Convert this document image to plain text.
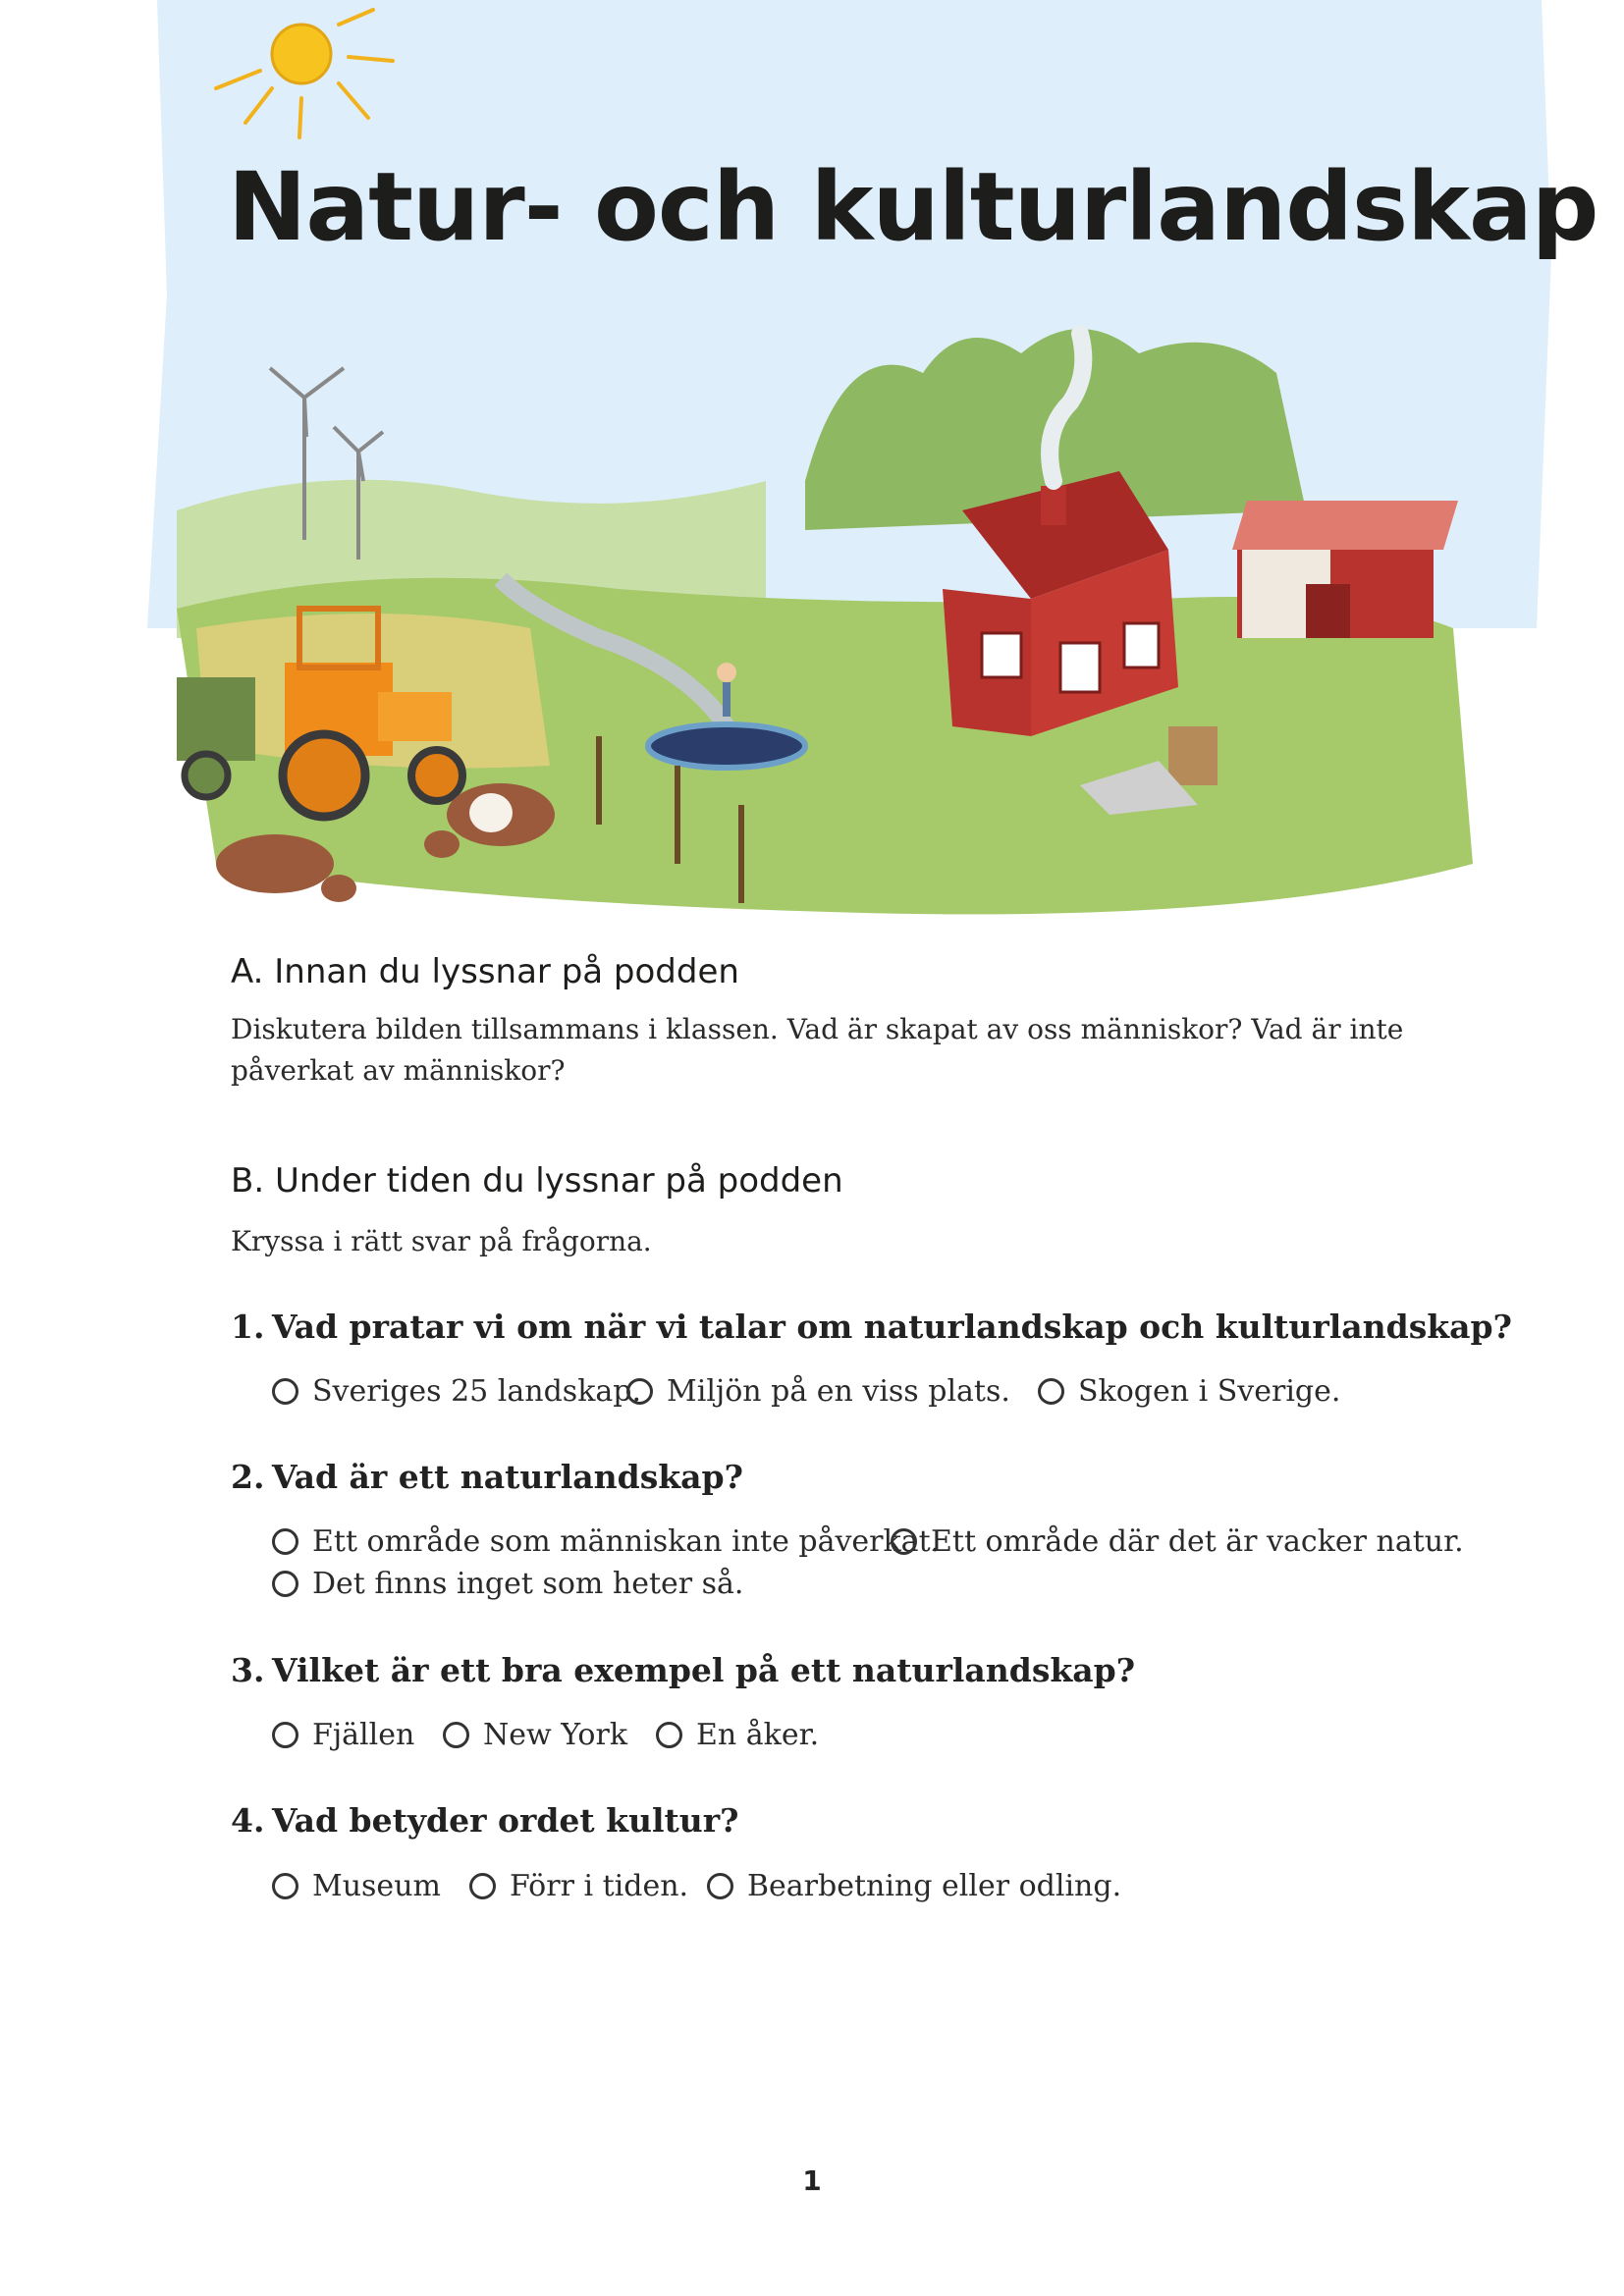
Natur- och kulturlandskap
A. Innan du lyssnar på podden

Diskutera bilden tillsammans i klassen. Vad är skapat av oss människor? Vad är inte påverkat av människor?

B. Under tiden du lyssnar på podden

Kryssa i rätt svar på frågorna.

1. Vad pratar vi om när vi talar om naturlandskap och kulturlandskap?

Sveriges 25 landskap. Miljön på en viss plats. Skogen i Sverige.

2. Vad är ett naturlandskap?

Ett område som människan inte påverkat.
Ett område där det är vacker natur.
Det finns inget som heter så.

3. Vilket är ett bra exempel på ett naturlandskap?

Fjällen New York En åker.

4. Vad betyder ordet kultur?

Museum Förr i tiden. Bearbetning eller odling.
1
